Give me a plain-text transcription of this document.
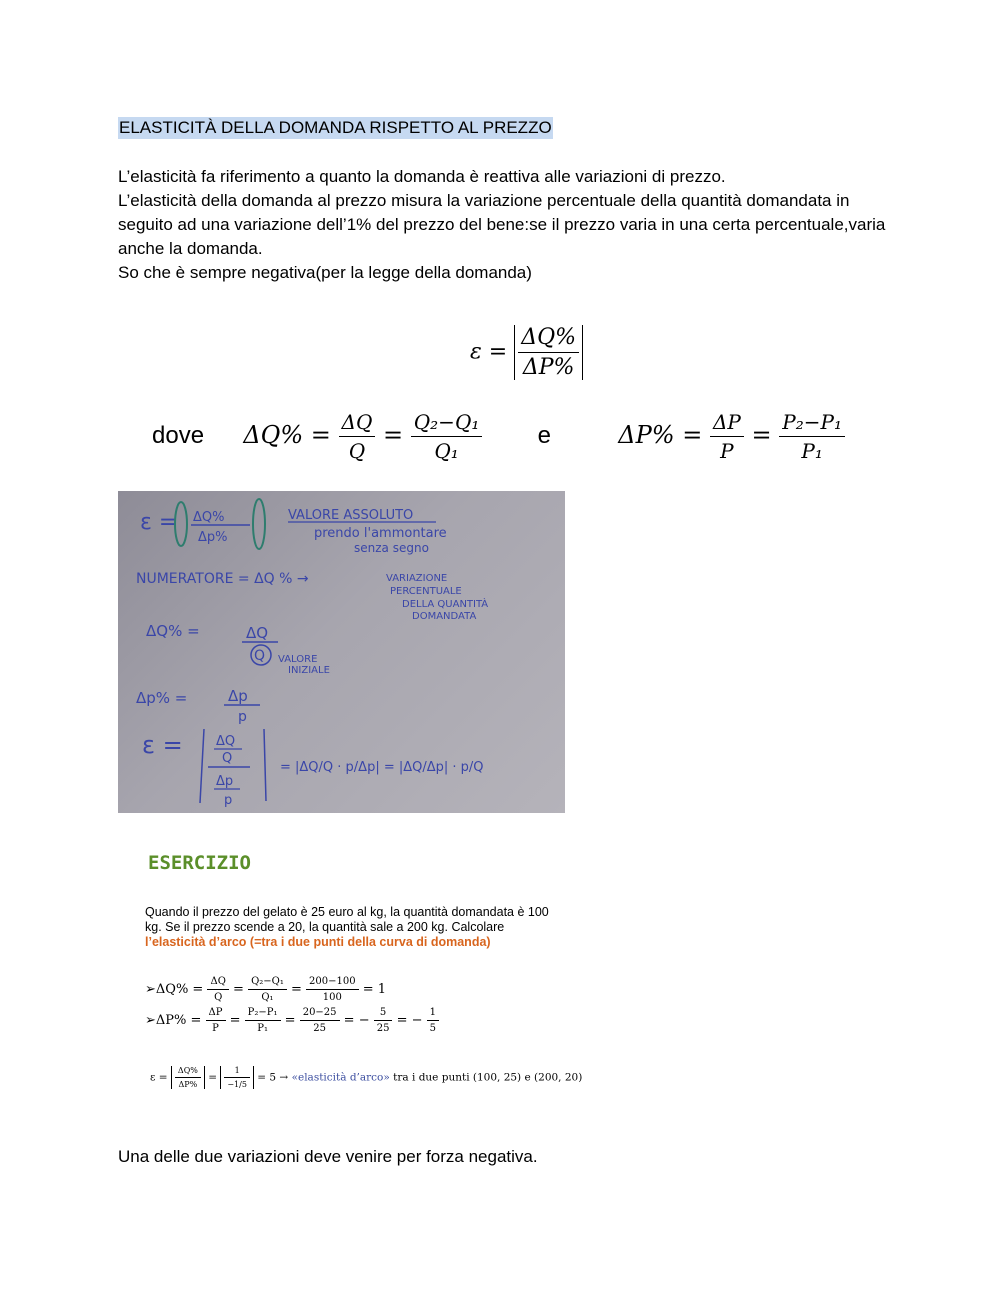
ELASTICITÀ DELLA DOMANDA RISPETTO AL PREZZO

L’elasticità fa riferimento a quanto la domanda è reattiva alle variazioni di prezzo.

L’elasticità della domanda al prezzo misura la variazione percentuale della quantità domandata in seguito ad una variazione dell’1% del prezzo del bene:se il prezzo varia in una certa percentuale,varia anche la domanda.

So che è sempre negativa(per la legge della domanda)

$\varepsilon = \frac{\Delta Q\%}{\Delta P\%}$
dove $\Delta Q\% = \frac{\Delta Q}{Q} = \frac{\text{Q₂−Q₁}}{\text{Q₁}}$ e	$\Delta P\% = \frac{\Delta P}{P} = \frac{\text{P₂−P₁}}{\text{P₁}}$
ε = ΔQ%
Δp%
VALORE ASSOLUTO
prendo l'ammontare
senza segno
NUMERATORE = ΔQ % →	VARIAZIONE
PERCENTUALE
DELLA QUANTITÀ
DOMANDATA
ΔQ% =	ΔQ
Q VALORE
INIZIALE
Δp% =	Δp
p
ε =	ΔQ
Q
Δp
p
= |ΔQ/Q · p/Δp| = |ΔQ/Δp| · p/Q
ESERCIZIO
Quando il prezzo del gelato è 25 euro al kg, la quantità domandata è 100 kg. Se il prezzo scende a 20, la quantità sale a 200 kg. Calcolare l’elasticità d’arco (=tra i due punti della curva di domanda)
➢ΔQ% = $\frac{\Delta Q}{Q} = \frac{\text{Q₂−Q₁}}{\text{Q₁}} = \frac{200-100}{100} = 1$
➢ΔP% = $\frac{\Delta P}{P} = \frac{\text{P₂−P₁}}{\text{P₁}} = \frac{20-25}{25}$ = − $\frac{5}{25}$ = − $\frac{1}{5}$
$\varepsilon = \frac{\Delta Q\%}{\Delta P\%} = \frac{1}{-1/5} = 5$ → «elasticità d’arco» tra i due punti (100, 25) e (200, 20)
Una delle due variazioni deve venire per forza negativa.
